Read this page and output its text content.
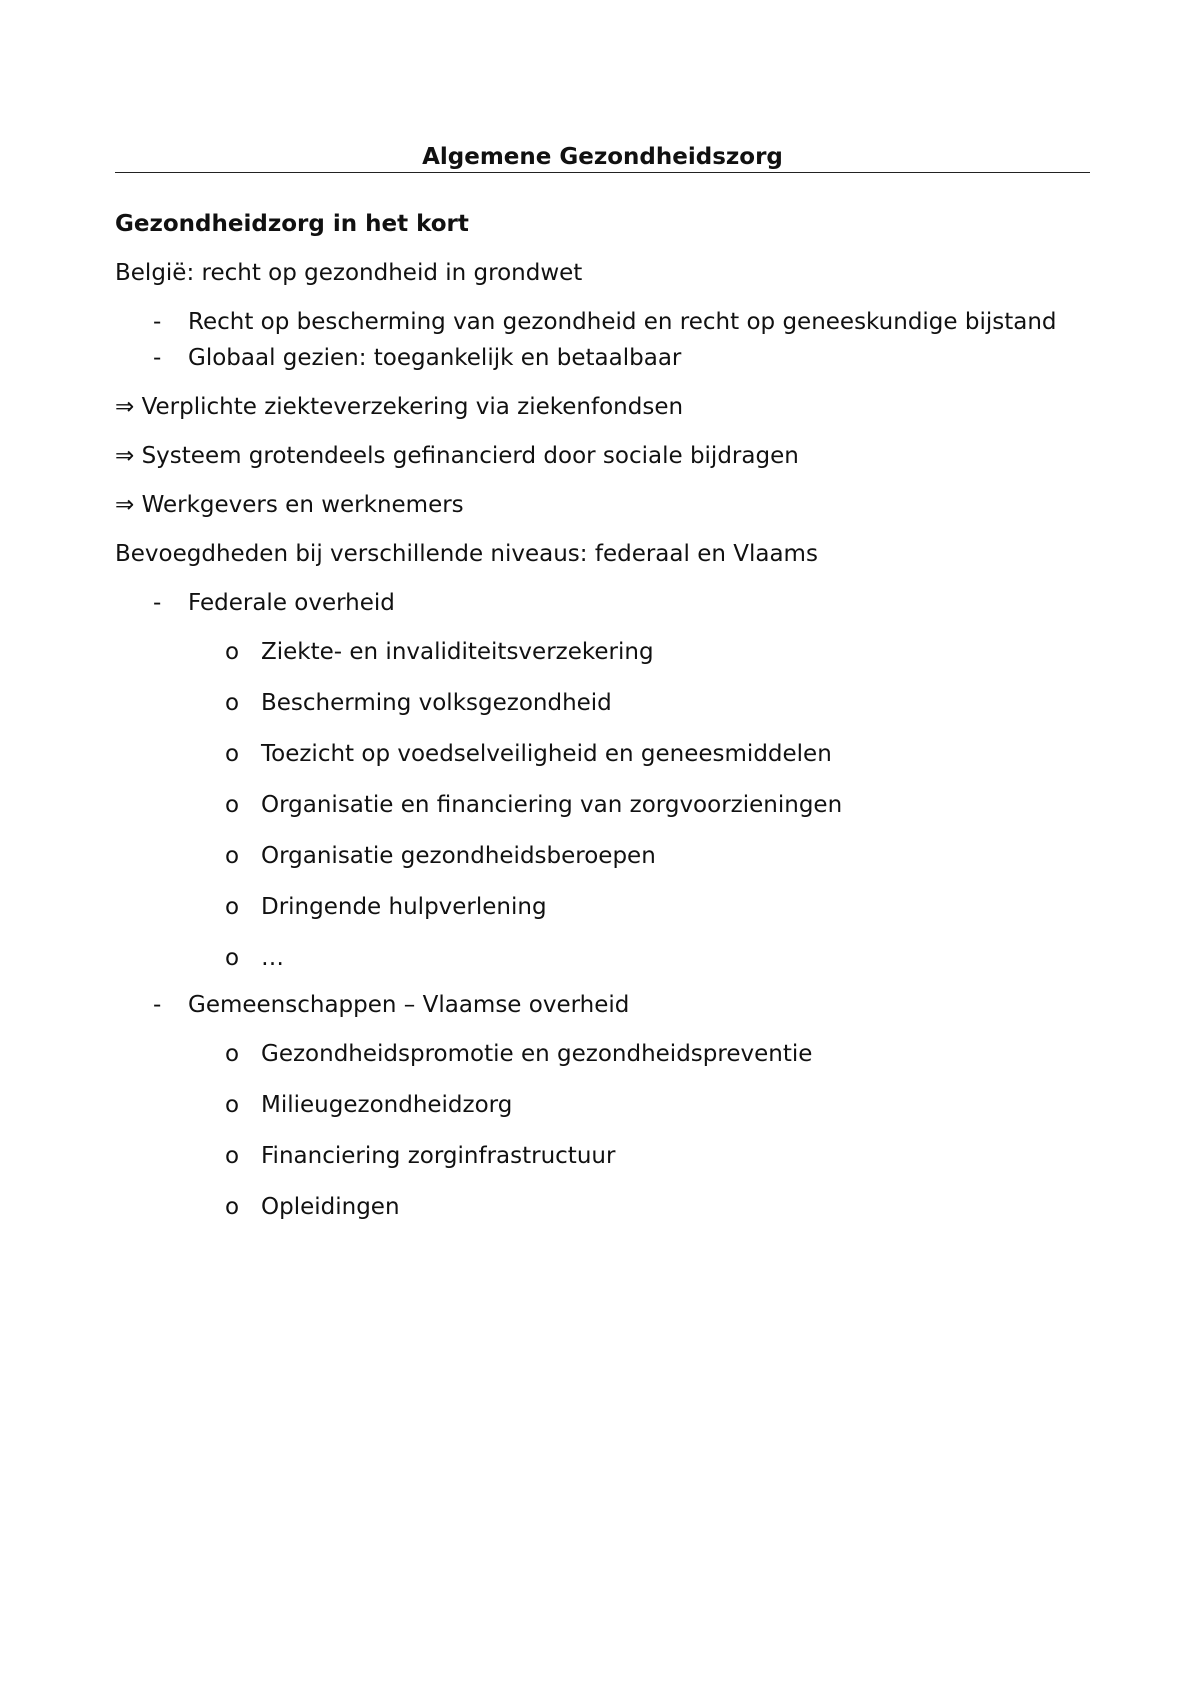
Algemene Gezondheidszorg

Gezondheidzorg in het kort

België: recht op gezondheid in grondwet

- Recht op bescherming van gezondheid en recht op geneeskundige bijstand
- Globaal gezien: toegankelijk en betaalbaar

⇒ Verplichte ziekteverzekering via ziekenfondsen

⇒ Systeem grotendeels gefinancierd door sociale bijdragen

⇒ Werkgevers en werknemers

Bevoegdheden bij verschillende niveaus: federaal en Vlaams

- Federale overheid
o Ziekte- en invaliditeitsverzekering
o Bescherming volksgezondheid
o Toezicht op voedselveiligheid en geneesmiddelen
o Organisatie en financiering van zorgvoorzieningen
o Organisatie gezondheidsberoepen
o Dringende hulpverlening
o …
- Gemeenschappen – Vlaamse overheid
o Gezondheidspromotie en gezondheidspreventie
o Milieugezondheidzorg
o Financiering zorginfrastructuur
o Opleidingen
